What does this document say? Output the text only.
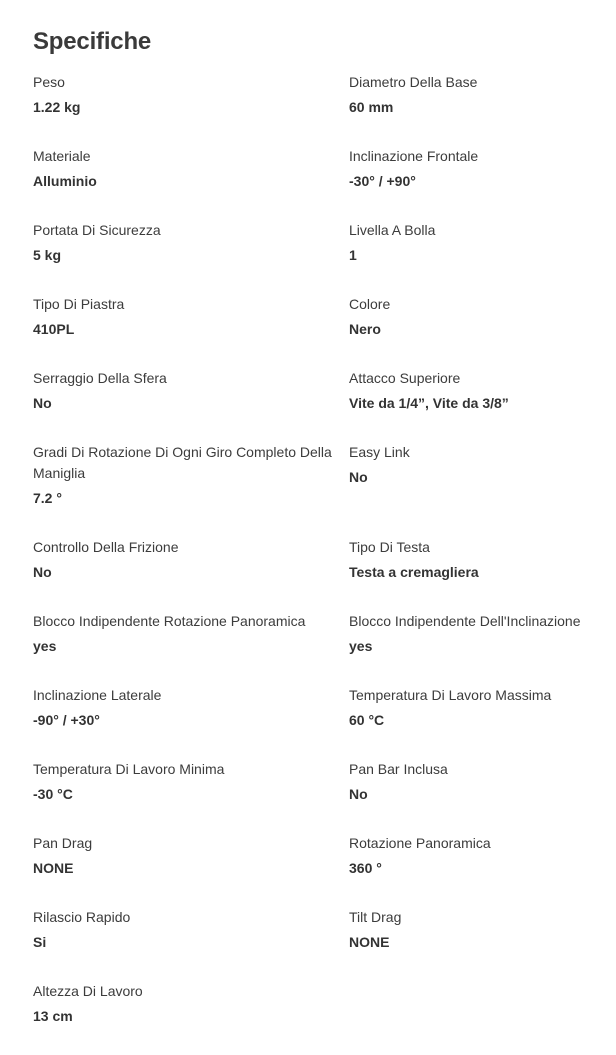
Specifiche
Peso
1.22 kg
Diametro Della Base
60 mm
Materiale
Alluminio
Inclinazione Frontale
-30° / +90°
Portata Di Sicurezza
5 kg
Livella A Bolla
1
Tipo Di Piastra
410PL
Colore
Nero
Serraggio Della Sfera
No
Attacco Superiore
Vite da 1/4”, Vite da 3/8”
Gradi Di Rotazione Di Ogni Giro Completo Della Maniglia
7.2 °
Easy Link
No
Controllo Della Frizione
No
Tipo Di Testa
Testa a cremagliera
Blocco Indipendente Rotazione Panoramica
yes
Blocco Indipendente Dell'Inclinazione
yes
Inclinazione Laterale
-90° / +30°
Temperatura Di Lavoro Massima
60 °C
Temperatura Di Lavoro Minima
-30 °C
Pan Bar Inclusa
No
Pan Drag
NONE
Rotazione Panoramica
360 °
Rilascio Rapido
Si
Tilt Drag
NONE
Altezza Di Lavoro
13 cm
